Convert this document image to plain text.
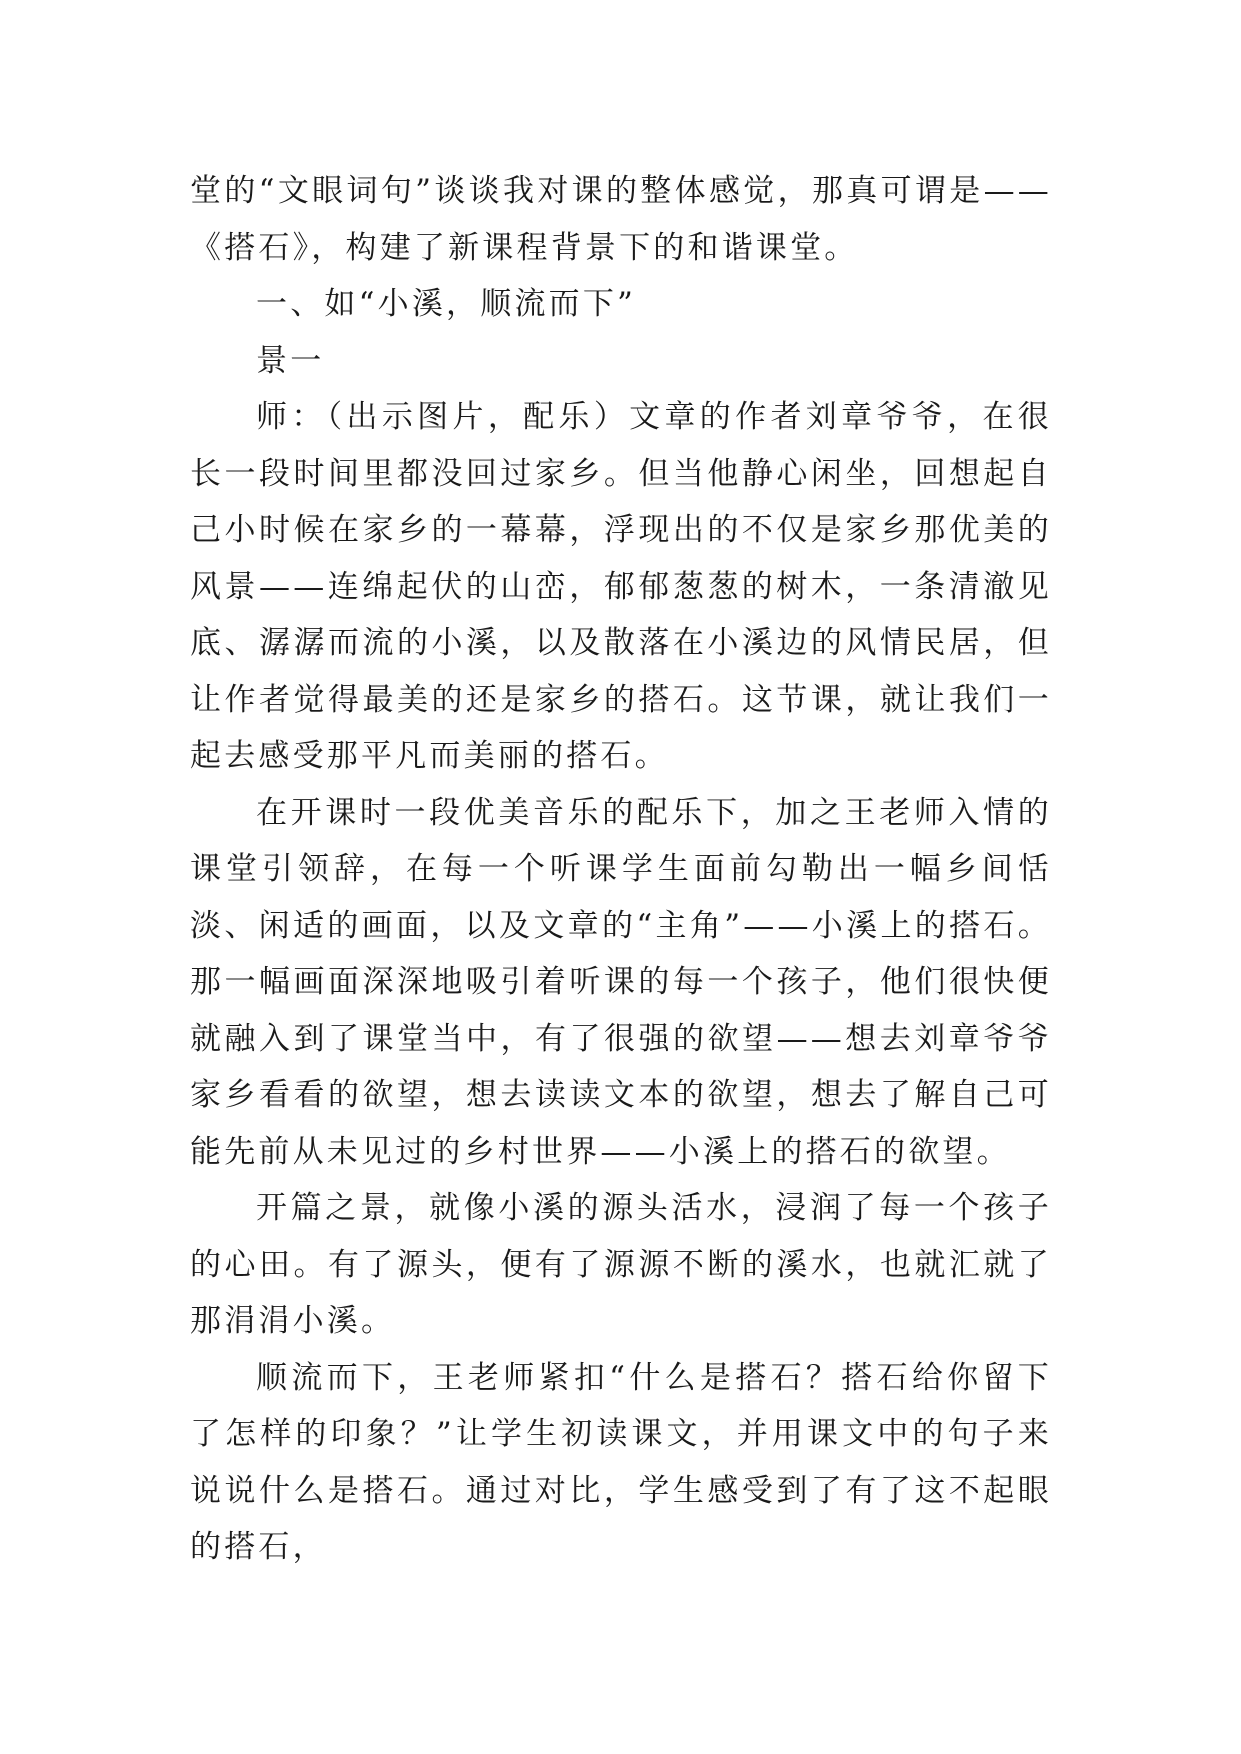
堂的“文眼词句”谈谈我对课的整体感觉，那真可谓是——《搭石》，构建了新课程背景下的和谐课堂。

一、如“小溪，顺流而下”

景一

师：（出示图片，配乐）文章的作者刘章爷爷，在很长一段时间里都没回过家乡。但当他静心闲坐，回想起自己小时候在家乡的一幕幕，浮现出的不仅是家乡那优美的风景——连绵起伏的山峦，郁郁葱葱的树木，一条清澈见底、潺潺而流的小溪，以及散落在小溪边的风情民居，但让作者觉得最美的还是家乡的搭石。这节课，就让我们一起去感受那平凡而美丽的搭石。

在开课时一段优美音乐的配乐下，加之王老师入情的课堂引领辞，在每一个听课学生面前勾勒出一幅乡间恬淡、闲适的画面，以及文章的“主角”——小溪上的搭石。那一幅画面深深地吸引着听课的每一个孩子，他们很快便就融入到了课堂当中，有了很强的欲望——想去刘章爷爷家乡看看的欲望，想去读读文本的欲望，想去了解自己可能先前从未见过的乡村世界——小溪上的搭石的欲望。

开篇之景，就像小溪的源头活水，浸润了每一个孩子的心田。有了源头，便有了源源不断的溪水，也就汇就了那涓涓小溪。

顺流而下，王老师紧扣“什么是搭石？搭石给你留下了怎样的印象？”让学生初读课文，并用课文中的句子来说说什么是搭石。通过对比，学生感受到了有了这不起眼的搭石，
